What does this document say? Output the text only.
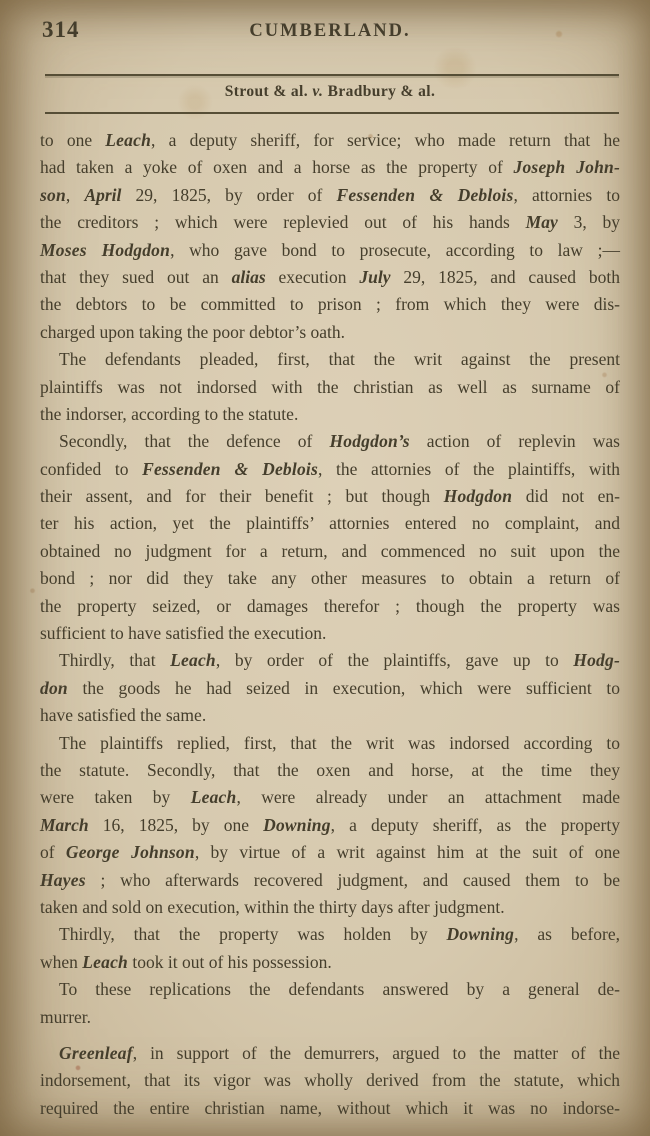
314	CUMBERLAND.
Strout & al. v. Bradbury & al.
to one Leach, a deputy sheriff, for service; who made return that he
had taken a yoke of oxen and a horse as the property of Joseph John-
son, April 29, 1825, by order of Fessenden & Deblois, attornies to
the creditors ; which were replevied out of his hands May 3, by
Moses Hodgdon, who gave bond to prosecute, according to law ;—
that they sued out an alias execution July 29, 1825, and caused both
the debtors to be committed to prison ; from which they were dis-
charged upon taking the poor debtor’s oath.
The defendants pleaded, first, that the writ against the present
plaintiffs was not indorsed with the christian as well as surname of
the indorser, according to the statute.
Secondly, that the defence of Hodgdon’s action of replevin was
confided to Fessenden & Deblois, the attornies of the plaintiffs, with
their assent, and for their benefit ; but though Hodgdon did not en-
ter his action, yet the plaintiffs’ attornies entered no complaint, and
obtained no judgment for a return, and commenced no suit upon the
bond ; nor did they take any other measures to obtain a return of
the property seized, or damages therefor ; though the property was
sufficient to have satisfied the execution.
Thirdly, that Leach, by order of the plaintiffs, gave up to Hodg-
don the goods he had seized in execution, which were sufficient to
have satisfied the same.
The plaintiffs replied, first, that the writ was indorsed according to
the statute. Secondly, that the oxen and horse, at the time they
were taken by Leach, were already under an attachment made
March 16, 1825, by one Downing, a deputy sheriff, as the property
of George Johnson, by virtue of a writ against him at the suit of one
Hayes ; who afterwards recovered judgment, and caused them to be
taken and sold on execution, within the thirty days after judgment.
Thirdly, that the property was holden by Downing, as before,
when Leach took it out of his possession.
To these replications the defendants answered by a general de-
murrer.
Greenleaf, in support of the demurrers, argued to the matter of the
indorsement, that its vigor was wholly derived from the statute, which
required the entire christian name, without which it was no indorse-
